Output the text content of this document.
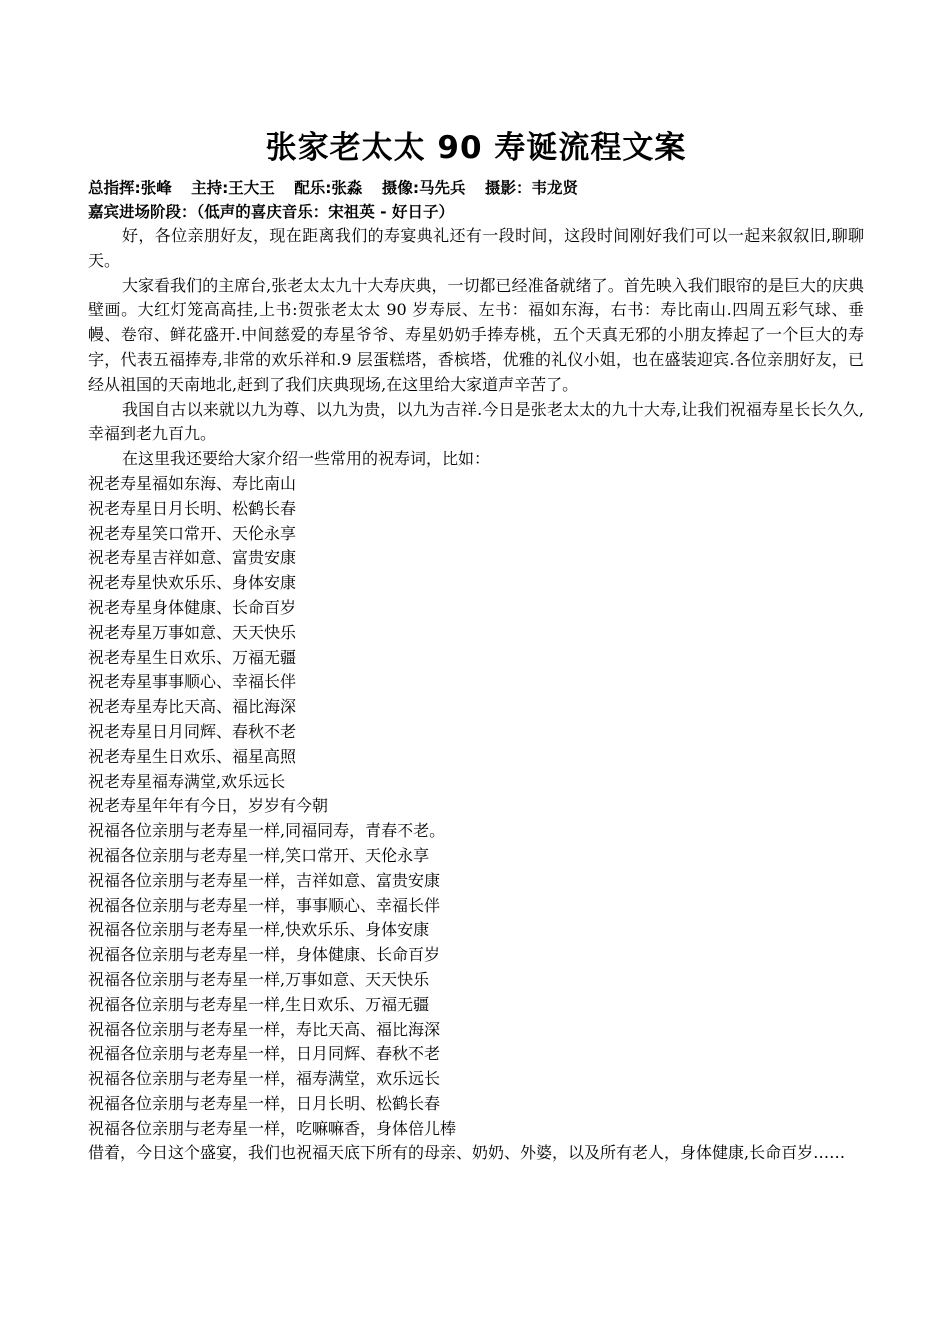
张家老太太 90 寿诞流程文案
总指挥:张峰 主持:王大王 配乐:张淼 摄像:马先兵 摄影：韦龙贤
嘉宾进场阶段：（低声的喜庆音乐：宋祖英 - 好日子）

好，各位亲朋好友，现在距离我们的寿宴典礼还有一段时间，这段时间刚好我们可以一起来叙叙旧,聊聊天。

大家看我们的主席台,张老太太九十大寿庆典，一切都已经准备就绪了。首先映入我们眼帘的是巨大的庆典壁画。大红灯笼高高挂,上书:贺张老太太 90 岁寿辰、左书：福如东海，右书：寿比南山.四周五彩气球、垂幔、卷帘、鲜花盛开.中间慈爱的寿星爷爷、寿星奶奶手捧寿桃，五个天真无邪的小朋友捧起了一个巨大的寿字，代表五福捧寿,非常的欢乐祥和.9 层蛋糕塔，香槟塔，优雅的礼仪小姐，也在盛装迎宾.各位亲朋好友，已经从祖国的天南地北,赶到了我们庆典现场,在这里给大家道声辛苦了。

我国自古以来就以九为尊、以九为贵，以九为吉祥.今日是张老太太的九十大寿,让我们祝福寿星长长久久,幸福到老九百九。

在这里我还要给大家介绍一些常用的祝寿词，比如：

祝老寿星福如东海、寿比南山

祝老寿星日月长明、松鹤长春

祝老寿星笑口常开、天伦永享

祝老寿星吉祥如意、富贵安康

祝老寿星快欢乐乐、身体安康

祝老寿星身体健康、长命百岁

祝老寿星万事如意、天天快乐

祝老寿星生日欢乐、万福无疆

祝老寿星事事顺心、幸福长伴

祝老寿星寿比天高、福比海深

祝老寿星日月同辉、春秋不老

祝老寿星生日欢乐、福星高照

祝老寿星福寿满堂,欢乐远长

祝老寿星年年有今日，岁岁有今朝

祝福各位亲朋与老寿星一样,同福同寿，青春不老。

祝福各位亲朋与老寿星一样,笑口常开、天伦永享

祝福各位亲朋与老寿星一样，吉祥如意、富贵安康

祝福各位亲朋与老寿星一样，事事顺心、幸福长伴

祝福各位亲朋与老寿星一样,快欢乐乐、身体安康

祝福各位亲朋与老寿星一样，身体健康、长命百岁

祝福各位亲朋与老寿星一样,万事如意、天天快乐

祝福各位亲朋与老寿星一样,生日欢乐、万福无疆

祝福各位亲朋与老寿星一样，寿比天高、福比海深

祝福各位亲朋与老寿星一样，日月同辉、春秋不老

祝福各位亲朋与老寿星一样，福寿满堂，欢乐远长

祝福各位亲朋与老寿星一样，日月长明、松鹤长春

祝福各位亲朋与老寿星一样，吃嘛嘛香，身体倍儿棒

借着，今日这个盛宴，我们也祝福天底下所有的母亲、奶奶、外婆，以及所有老人，身体健康,长命百岁……
